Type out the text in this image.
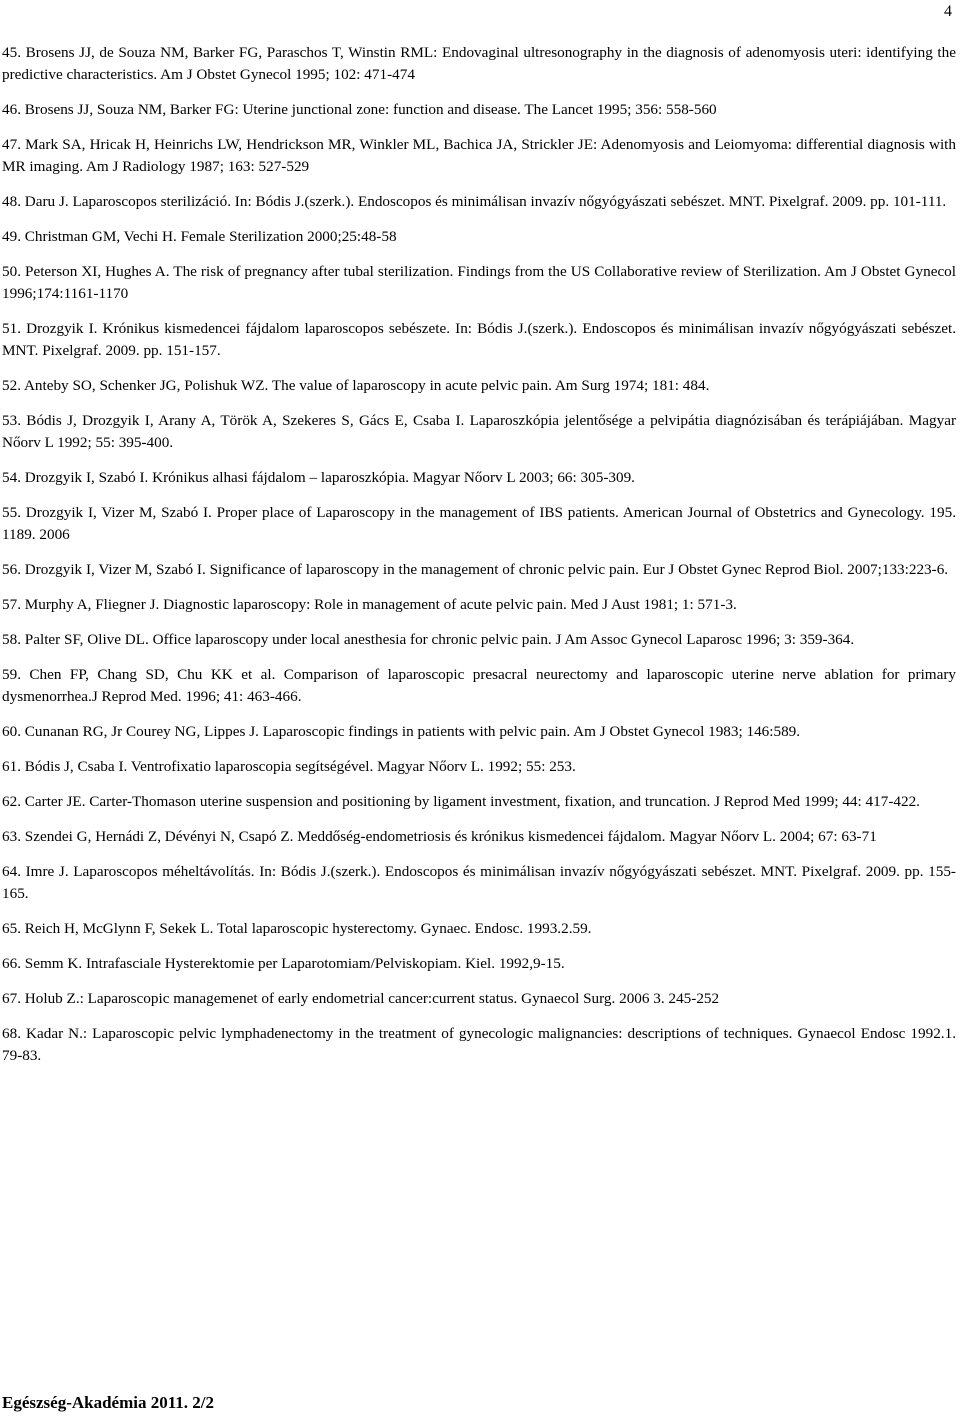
4

45. Brosens JJ, de Souza NM, Barker FG, Paraschos T, Winstin RML: Endovaginal ultresonography in the diagnosis of adenomyosis uteri: identifying the predictive characteristics. Am J Obstet Gynecol 1995; 102: 471-474

46. Brosens JJ, Souza NM, Barker FG: Uterine junctional zone: function and disease. The Lancet 1995; 356: 558-560

47. Mark SA, Hricak H, Heinrichs LW, Hendrickson MR, Winkler ML, Bachica JA, Strickler JE: Adenomyosis and Leiomyoma: differential diagnosis with MR imaging. Am J Radiology 1987; 163: 527-529

48. Daru J. Laparoscopos sterilizáció. In: Bódis J.(szerk.). Endoscopos és minimálisan invazív nőgyógyászati sebészet. MNT. Pixelgraf. 2009. pp. 101-111.

49. Christman GM, Vechi H. Female Sterilization 2000;25:48-58

50. Peterson XI, Hughes A. The risk of pregnancy after tubal sterilization. Findings from the US Collaborative review of Sterilization. Am J Obstet Gynecol 1996;174:1161-1170

51. Drozgyik I. Krónikus kismedencei fájdalom laparoscopos sebészete. In: Bódis J.(szerk.). Endoscopos és minimálisan invazív nőgyógyászati sebészet. MNT. Pixelgraf. 2009. pp. 151-157.

52. Anteby SO, Schenker JG, Polishuk WZ. The value of laparoscopy in acute pelvic pain. Am Surg 1974; 181: 484.

53. Bódis J, Drozgyik I, Arany A, Török A, Szekeres S, Gács E, Csaba I. Laparoszkópia jelentősége a pelvipátia diagnózisában és terápiájában. Magyar Nőorv L 1992; 55: 395-400.

54. Drozgyik I, Szabó I. Krónikus alhasi fájdalom – laparoszkópia. Magyar Nőorv L 2003; 66: 305-309.

55. Drozgyik I, Vizer M, Szabó I. Proper place of Laparoscopy in the management of IBS patients. American Journal of Obstetrics and Gynecology. 195. 1189. 2006

56. Drozgyik I, Vizer M, Szabó I. Significance of laparoscopy in the management of chronic pelvic pain. Eur J Obstet Gynec Reprod Biol. 2007;133:223-6.

57. Murphy A, Fliegner J. Diagnostic laparoscopy: Role in management of acute pelvic pain. Med J Aust 1981; 1: 571-3.

58. Palter SF, Olive DL. Office laparoscopy under local anesthesia for chronic pelvic pain. J Am Assoc Gynecol Laparosc 1996; 3: 359-364.

59. Chen FP, Chang SD, Chu KK et al. Comparison of laparoscopic presacral neurectomy and laparoscopic uterine nerve ablation for primary dysmenorrhea.J Reprod Med. 1996; 41: 463-466.

60. Cunanan RG, Jr Courey NG, Lippes J. Laparoscopic findings in patients with pelvic pain. Am J Obstet Gynecol 1983; 146:589.

61. Bódis J, Csaba I. Ventrofixatio laparoscopia segítségével. Magyar Nőorv L. 1992; 55: 253.

62. Carter JE. Carter-Thomason uterine suspension and positioning by ligament investment, fixation, and truncation. J Reprod Med 1999; 44: 417-422.

63. Szendei G, Hernádi Z, Dévényi N, Csapó Z. Meddőség-endometriosis és krónikus kismedencei fájdalom. Magyar Nőorv L. 2004; 67: 63-71

64. Imre J. Laparoscopos méheltávolítás. In: Bódis J.(szerk.). Endoscopos és minimálisan invazív nőgyógyászati sebészet. MNT. Pixelgraf. 2009. pp. 155-165.

65. Reich H, McGlynn F, Sekek L. Total laparoscopic hysterectomy. Gynaec. Endosc. 1993.2.59.

66. Semm K. Intrafasciale Hysterektomie per Laparotomiam/Pelviskopiam. Kiel. 1992,9-15.

67. Holub Z.: Laparoscopic managemenet of early endometrial cancer:current status. Gynaecol Surg. 2006 3. 245-252

68. Kadar N.: Laparoscopic pelvic lymphadenectomy in the treatment of gynecologic malignancies: descriptions of techniques. Gynaecol Endosc 1992.1. 79-83.

Egészség-Akadémia 2011. 2/2
